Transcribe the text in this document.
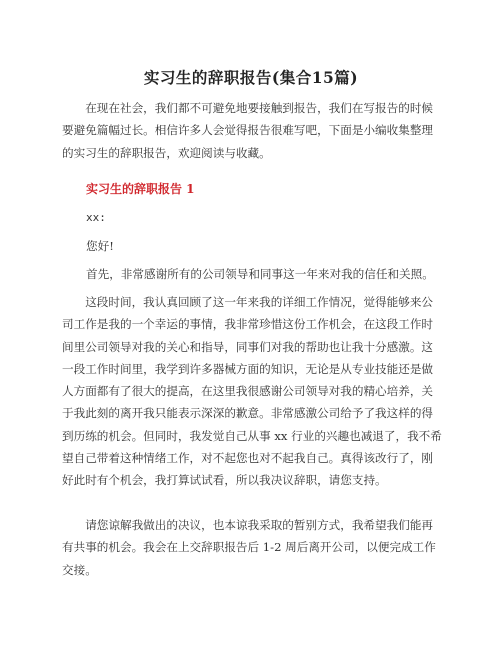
实习生的辞职报告(集合15篇)
　　在现在社会，我们都不可避免地要接触到报告，我们在写报告的时候
要避免篇幅过长。相信许多人会觉得报告很难写吧，下面是小编收集整理
的实习生的辞职报告，欢迎阅读与收藏。
实习生的辞职报告 1
xx:
您好!
首先，非常感谢所有的公司领导和同事这一年来对我的信任和关照。
　　这段时间，我认真回顾了这一年来我的详细工作情况，觉得能够来公
司工作是我的一个幸运的事情，我非常珍惜这份工作机会，在这段工作时
间里公司领导对我的关心和指导，同事们对我的帮助也让我十分感激。这
一段工作时间里，我学到许多器械方面的知识，无论是从专业技能还是做
人方面都有了很大的提高，在这里我很感谢公司领导对我的精心培养，关
于我此刻的离开我只能表示深深的歉意。非常感激公司给予了我这样的得
到历练的机会。但同时，我发觉自己从事 xx 行业的兴趣也减退了，我不希
望自己带着这种情绪工作，对不起您也对不起我自己。真得该改行了，刚
好此时有个机会，我打算试试看，所以我决议辞职，请您支持。
　　请您谅解我做出的决议，也本谅我采取的暂别方式，我希望我们能再
有共事的机会。我会在上交辞职报告后 1-2 周后离开公司，以便完成工作
交接。
